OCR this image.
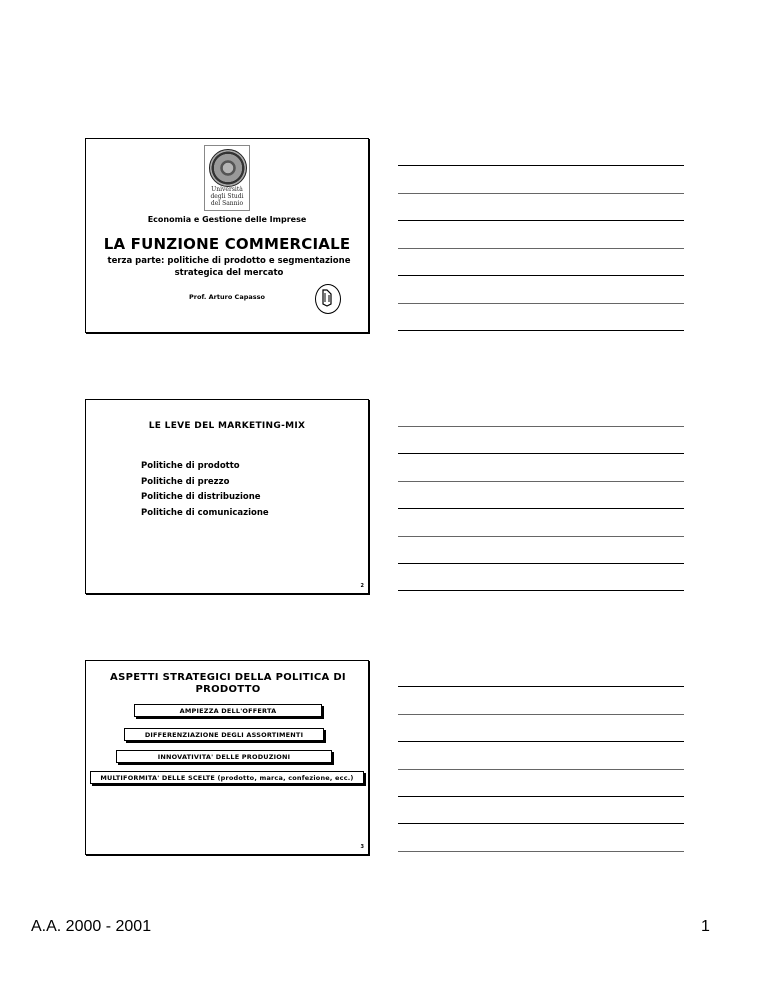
Università
degli Studi
del Sannio
Economia e Gestione delle Imprese
LA FUNZIONE COMMERCIALE
terza parte: politiche di prodotto e segmentazione strategica del mercato
Prof. Arturo Capasso
LE LEVE DEL MARKETING-MIX
Politiche di prodotto
Politiche di prezzo
Politiche di distribuzione
Politiche di comunicazione
2
ASPETTI STRATEGICI DELLA POLITICA DI PRODOTTO
AMPIEZZA DELL'OFFERTA
DIFFERENZIAZIONE DEGLI ASSORTIMENTI
INNOVATIVITA' DELLE PRODUZIONI
MULTIFORMITA' DELLE SCELTE (prodotto, marca, confezione, ecc.)
3
A.A. 2000 - 2001	1
